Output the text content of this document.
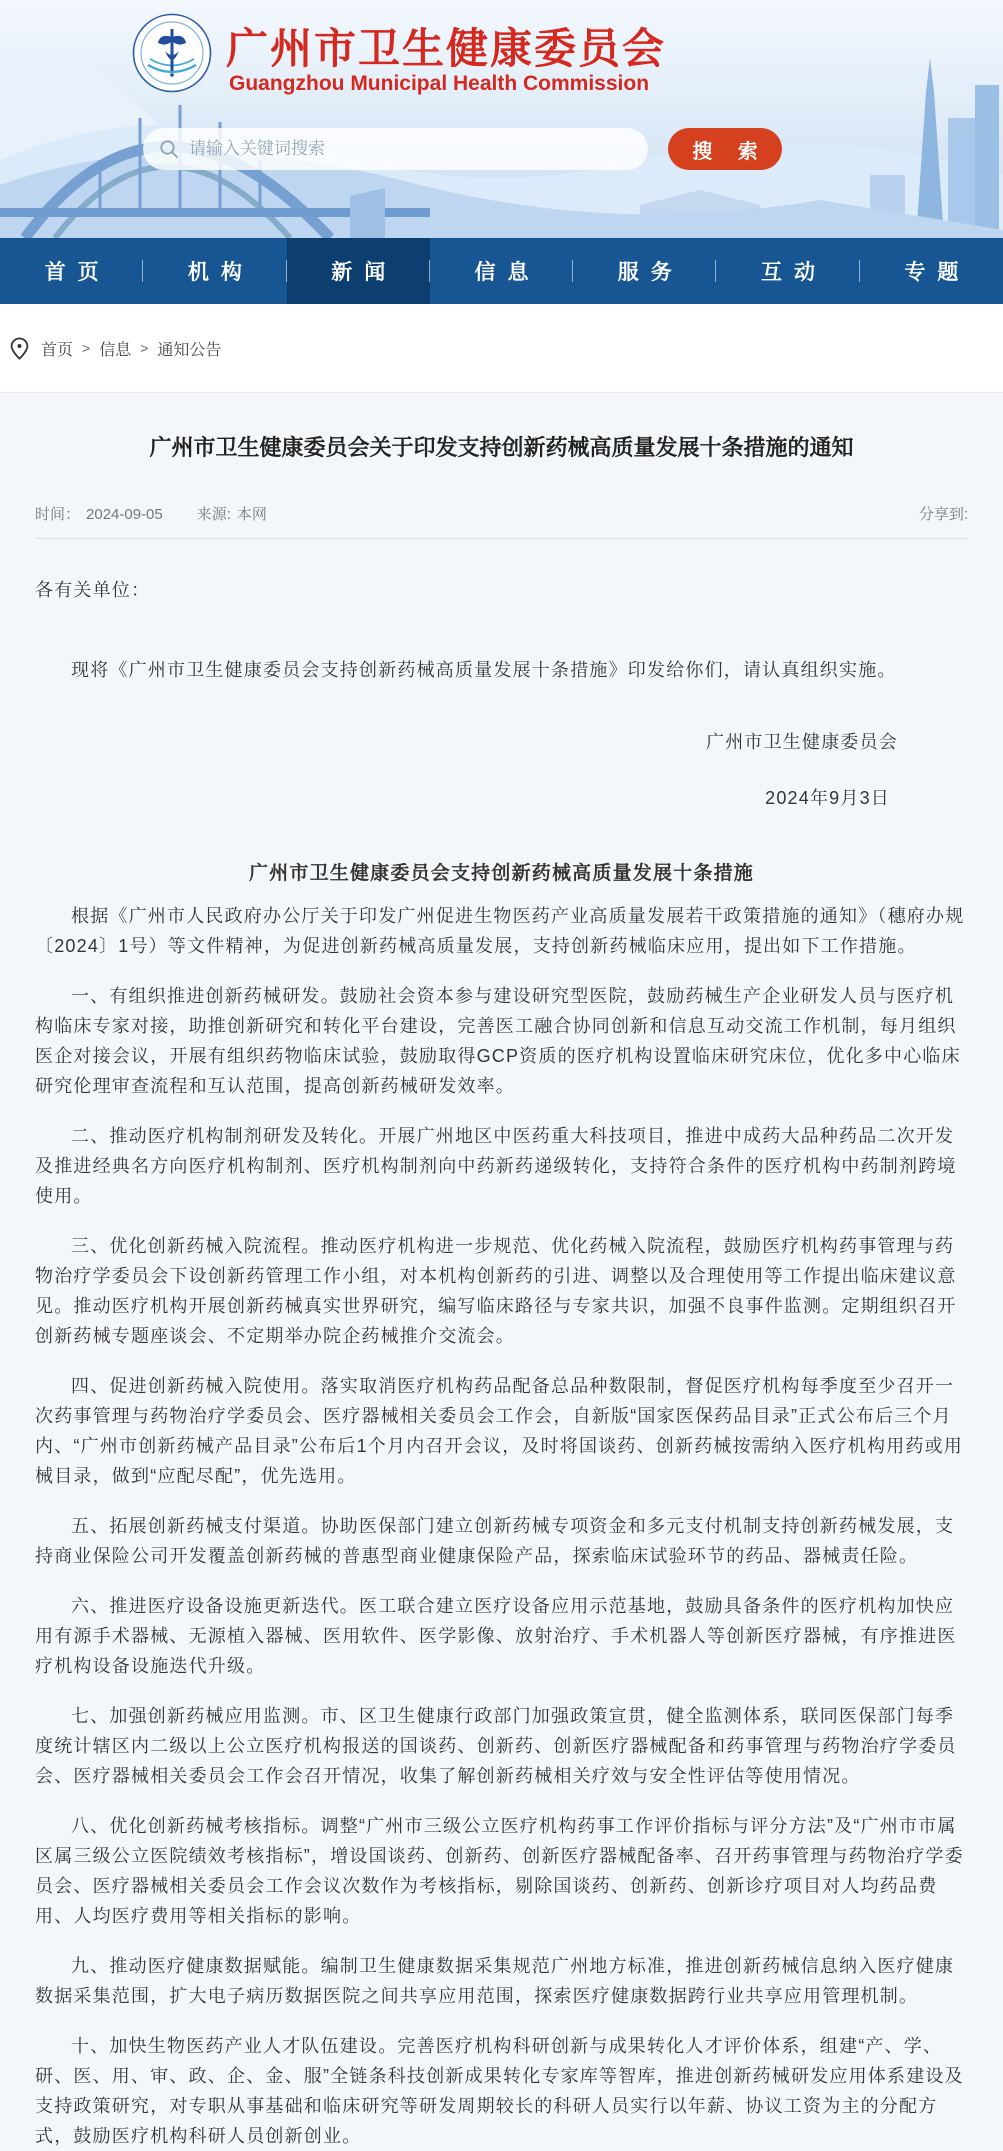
广州市卫生健康委员会
Guangzhou Municipal Health Commission
请输入关键词搜索
搜 索
首页	机构	新闻	信息	服务	互动	专题
首页 > 信息 > 通知公告
广州市卫生健康委员会关于印发支持创新药械高质量发展十条措施的通知
时间： 2024-09-05 来源: 本网	分享到:

各有关单位：

现将《广州市卫生健康委员会支持创新药械高质量发展十条措施》印发给你们，请认真组织实施。

广州市卫生健康委员会

2024年9月3日

广州市卫生健康委员会支持创新药械高质量发展十条措施

根据《广州市人民政府办公厅关于印发广州促进生物医药产业高质量发展若干政策措施的通知》（穗府办规〔2024〕1号）等文件精神，为促进创新药械高质量发展，支持创新药械临床应用，提出如下工作措施。

一、有组织推进创新药械研发。鼓励社会资本参与建设研究型医院，鼓励药械生产企业研发人员与医疗机构临床专家对接，助推创新研究和转化平台建设，完善医工融合协同创新和信息互动交流工作机制，每月组织医企对接会议，开展有组织药物临床试验，鼓励取得GCP资质的医疗机构设置临床研究床位，优化多中心临床研究伦理审查流程和互认范围，提高创新药械研发效率。

二、推动医疗机构制剂研发及转化。开展广州地区中医药重大科技项目，推进中成药大品种药品二次开发及推进经典名方向医疗机构制剂、医疗机构制剂向中药新药递级转化，支持符合条件的医疗机构中药制剂跨境使用。

三、优化创新药械入院流程。推动医疗机构进一步规范、优化药械入院流程，鼓励医疗机构药事管理与药物治疗学委员会下设创新药管理工作小组，对本机构创新药的引进、调整以及合理使用等工作提出临床建议意见。推动医疗机构开展创新药械真实世界研究，编写临床路径与专家共识，加强不良事件监测。定期组织召开创新药械专题座谈会、不定期举办院企药械推介交流会。

四、促进创新药械入院使用。落实取消医疗机构药品配备总品种数限制，督促医疗机构每季度至少召开一次药事管理与药物治疗学委员会、医疗器械相关委员会工作会，自新版“国家医保药品目录”正式公布后三个月内、“广州市创新药械产品目录”公布后1个月内召开会议，及时将国谈药、创新药械按需纳入医疗机构用药或用械目录，做到“应配尽配”，优先选用。

五、拓展创新药械支付渠道。协助医保部门建立创新药械专项资金和多元支付机制支持创新药械发展，支持商业保险公司开发覆盖创新药械的普惠型商业健康保险产品，探索临床试验环节的药品、器械责任险。

六、推进医疗设备设施更新迭代。医工联合建立医疗设备应用示范基地，鼓励具备条件的医疗机构加快应用有源手术器械、无源植入器械、医用软件、医学影像、放射治疗、手术机器人等创新医疗器械，有序推进医疗机构设备设施迭代升级。

七、加强创新药械应用监测。市、区卫生健康行政部门加强政策宣贯，健全监测体系，联同医保部门每季度统计辖区内二级以上公立医疗机构报送的国谈药、创新药、创新医疗器械配备和药事管理与药物治疗学委员会、医疗器械相关委员会工作会召开情况，收集了解创新药械相关疗效与安全性评估等使用情况。

八、优化创新药械考核指标。调整“广州市三级公立医疗机构药事工作评价指标与评分方法”及“广州市市属区属三级公立医院绩效考核指标”，增设国谈药、创新药、创新医疗器械配备率、召开药事管理与药物治疗学委员会、医疗器械相关委员会工作会议次数作为考核指标，剔除国谈药、创新药、创新诊疗项目对人均药品费用、人均医疗费用等相关指标的影响。

九、推动医疗健康数据赋能。编制卫生健康数据采集规范广州地方标准，推进创新药械信息纳入医疗健康数据采集范围，扩大电子病历数据医院之间共享应用范围，探索医疗健康数据跨行业共享应用管理机制。

十、加快生物医药产业人才队伍建设。完善医疗机构科研创新与成果转化人才评价体系，组建“产、学、研、医、用、审、政、企、金、服”全链条科技创新成果转化专家库等智库，推进创新药械研发应用体系建设及支持政策研究，对专职从事基础和临床研究等研发周期较长的科研人员实行以年薪、协议工资为主的分配方式，鼓励医疗机构科研人员创新创业。
